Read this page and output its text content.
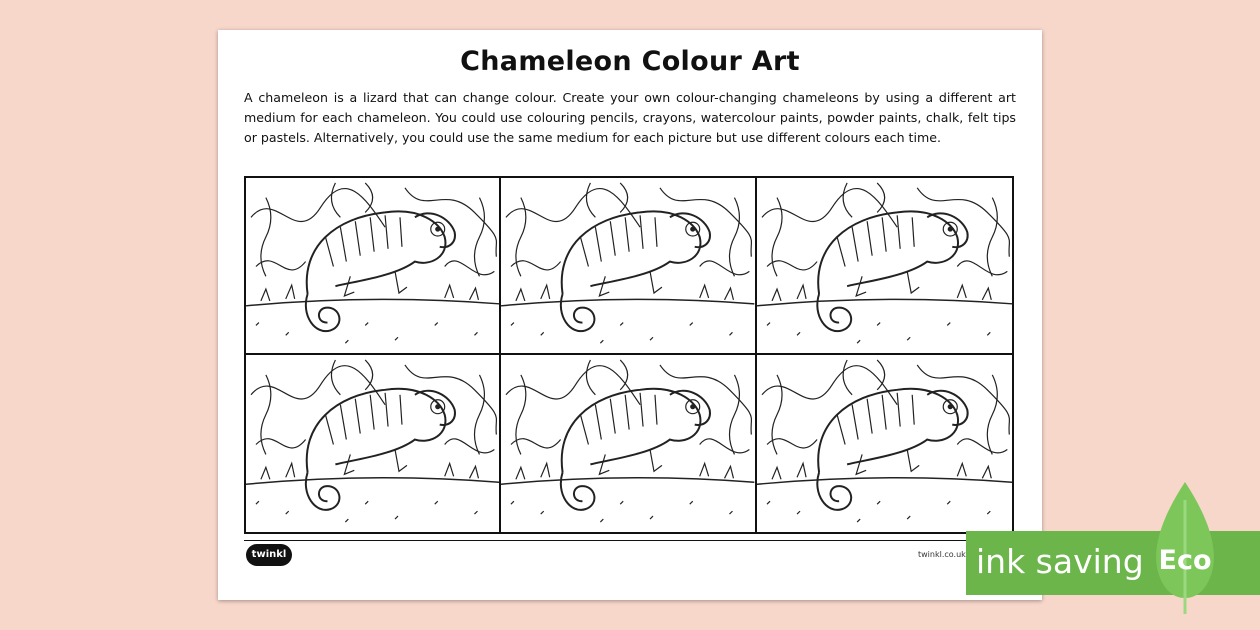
Chameleon Colour Art
A chameleon is a lizard that can change colour. Create your own colour-changing chameleons by using a different art medium for each chameleon. You could use colouring pencils, crayons, watercolour paints, powder paints, chalk, felt tips or pastels. Alternatively, you could use the same medium for each picture but use different colours each time.
twinkl	twinkl.co.uk ink saving Eco
